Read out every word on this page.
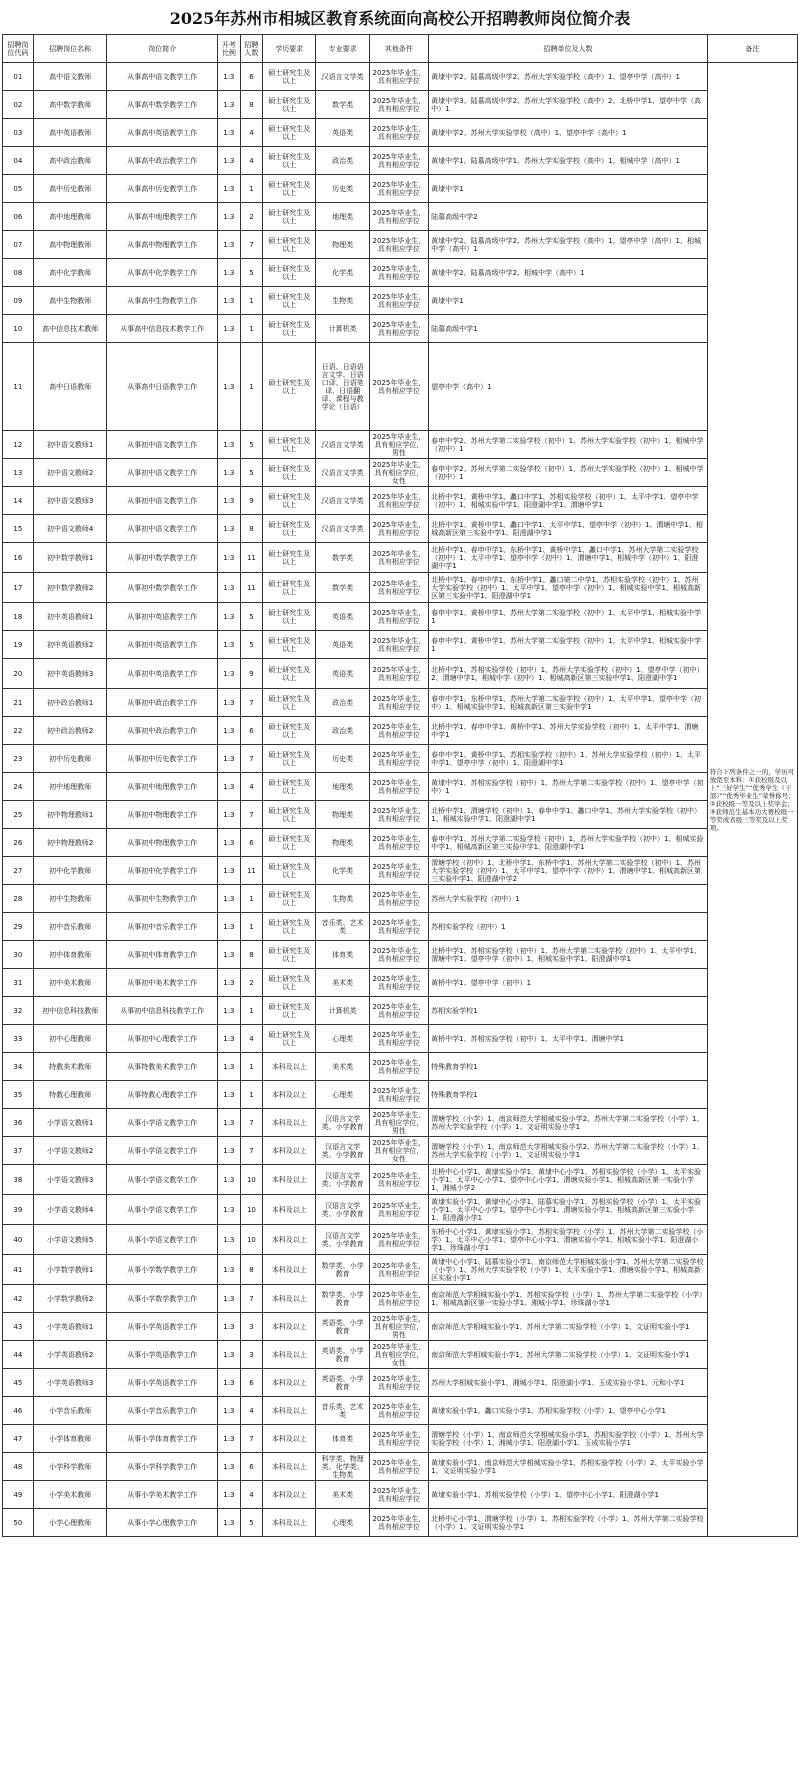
2025年苏州市相城区教育系统面向高校公开招聘教师岗位简介表
招聘岗位代码	招聘岗位名称	岗位简介	开考比例	招聘人数	学历要求	专业要求	其他条件	招聘单位及人数	备注
01	高中语文教师	从事高中语文教学工作	1:3	6	硕士研究生及以上	汉语言文学类	2025年毕业生，具有相应学位	黄埭中学2、陆慕高级中学2、苏州大学实验学校（高中）1、望亭中学（高中）1	符合下列条件之一的，学历可放宽至本科：①获校级及以上“三好学生”“优秀学生（干部）”“优秀毕业生”荣誉称号；②获校级一等及以上奖学金；③获师范生基本功大赛校级一等奖或省级三等奖及以上奖项。
02	高中数学教师	从事高中数学教学工作	1:3	8	硕士研究生及以上	数学类	2025年毕业生，具有相应学位	黄埭中学3、陆慕高级中学2、苏州大学实验学校（高中）2、北桥中学1、望亭中学（高中）1	
03	高中英语教师	从事高中英语教学工作	1:3	4	硕士研究生及以上	英语类	2025年毕业生，具有相应学位	黄埭中学2、苏州大学实验学校（高中）1、望亭中学（高中）1	
04	高中政治教师	从事高中政治教学工作	1:3	4	硕士研究生及以上	政治类	2025年毕业生，具有相应学位	黄埭中学1、陆慕高级中学1、苏州大学实验学校（高中）1、相城中学（高中）1	
05	高中历史教师	从事高中历史教学工作	1:3	1	硕士研究生及以上	历史类	2025年毕业生，具有相应学位	黄埭中学1	
06	高中地理教师	从事高中地理教学工作	1:3	2	硕士研究生及以上	地理类	2025年毕业生，具有相应学位	陆慕高级中学2	
07	高中物理教师	从事高中物理教学工作	1:3	7	硕士研究生及以上	物理类	2025年毕业生，具有相应学位	黄埭中学2、陆慕高级中学2、苏州大学实验学校（高中）1、望亭中学（高中）1、相城中学（高中）1	
08	高中化学教师	从事高中化学教学工作	1:3	5	硕士研究生及以上	化学类	2025年毕业生，具有相应学位	黄埭中学2、陆慕高级中学2、相城中学（高中）1	
09	高中生物教师	从事高中生物教学工作	1:3	1	硕士研究生及以上	生物类	2025年毕业生，具有相应学位	黄埭中学1	
10	高中信息技术教师	从事高中信息技术教学工作	1:3	1	硕士研究生及以上	计算机类	2025年毕业生，具有相应学位	陆慕高级中学1	
11	高中日语教师	从事高中日语教学工作	1:3	1	硕士研究生及以上	日语、日语语言文学、日语口译、日语笔译、日语翻译、课程与教学论（日语）	2025年毕业生，具有相应学位	望亭中学（高中）1	
12	初中语文教师1	从事初中语文教学工作	1:3	5	硕士研究生及以上	汉语言文学类	2025年毕业生，具有相应学位，男性	春申中学2、苏州大学第二实验学校（初中）1、苏州大学实验学校（初中）1、相城中学（初中）1	
13	初中语文教师2	从事初中语文教学工作	1:3	5	硕士研究生及以上	汉语言文学类	2025年毕业生，具有相应学位，女性	春申中学2、苏州大学第二实验学校（初中）1、苏州大学实验学校（初中）1、相城中学（初中）1	
14	初中语文教师3	从事初中语文教学工作	1:3	9	硕士研究生及以上	汉语言文学类	2025年毕业生，具有相应学位	北桥中学1、黄桥中学1、蠡口中学1、苏相实验学校（初中）1、太平中学1、望亭中学（初中）1、相城实验中学1、阳澄湖中学1、渭塘中学1	
15	初中语文教师4	从事初中语文教学工作	1:3	8	硕士研究生及以上	汉语言文学类	2025年毕业生，具有相应学位	北桥中学1、黄桥中学1、蠡口中学1、太平中学1、望亭中学（初中）1、渭塘中学1、相城高新区第三实验中学1、阳澄湖中学1	
16	初中数学教师1	从事初中数学教学工作	1:3	11	硕士研究生及以上	数学类	2025年毕业生，具有相应学位	北桥中学1、春申中学1、东桥中学1、黄桥中学1、蠡口中学1、苏州大学第二实验学校（初中）1、太平中学1、望亭中学（初中）1、渭塘中学1、相城中学（初中）1、阳澄湖中学1	
17	初中数学教师2	从事初中数学教学工作	1:3	11	硕士研究生及以上	数学类	2025年毕业生，具有相应学位	北桥中学1、春申中学1、东桥中学1、蠡口第二中学1、苏相实验学校（初中）1、苏州大学实验学校（初中）1、太平中学1、望亭中学（初中）1、相城实验中学1、相城高新区第三实验中学1、阳澄湖中学1	
18	初中英语教师1	从事初中英语教学工作	1:3	5	硕士研究生及以上	英语类	2025年毕业生，具有相应学位	春申中学1、黄桥中学1、苏州大学第二实验学校（初中）1、太平中学1、相城实验中学1	
19	初中英语教师2	从事初中英语教学工作	1:3	5	硕士研究生及以上	英语类	2025年毕业生，具有相应学位	春申中学1、黄桥中学1、苏州大学第二实验学校（初中）1、太平中学1、相城实验中学1	
20	初中英语教师3	从事初中英语教学工作	1:3	9	硕士研究生及以上	英语类	2025年毕业生，具有相应学位	北桥中学1、苏相实验学校（初中）1、苏州大学实验学校（初中）1、望亭中学（初中）2、渭塘中学1、相城中学（初中）1、相城高新区第三实验中学1、阳澄湖中学1	
21	初中政治教师1	从事初中政治教学工作	1:3	7	硕士研究生及以上	政治类	2025年毕业生，具有相应学位	春申中学1、东桥中学1、苏州大学第二实验学校（初中）1、太平中学1、望亭中学（初中）1、相城实验中学1、相城高新区第三实验中学1	
22	初中政治教师2	从事初中政治教学工作	1:3	6	硕士研究生及以上	政治类	2025年毕业生，具有相应学位	北桥中学1、春申中学1、黄桥中学1、苏州大学实验学校（初中）1、太平中学1、渭塘中学1	
23	初中历史教师	从事初中历史教学工作	1:3	7	硕士研究生及以上	历史类	2025年毕业生，具有相应学位	春申中学1、黄桥中学1、苏相实验学校（初中）1、苏州大学实验学校（初中）1、太平中学1、望亭中学（初中）1、阳澄湖中学1	
24	初中地理教师	从事初中地理教学工作	1:3	4	硕士研究生及以上	地理类	2025年毕业生，具有相应学位	黄埭中学1、苏相实验学校（初中）1、苏州大学第二实验学校（初中）1、望亭中学（初中）1	
25	初中物理教师1	从事初中物理教学工作	1:3	7	硕士研究生及以上	物理类	2025年毕业生，具有相应学位	北桥中学1、渭塘学校（初中）1、春申中学1、蠡口中学1、苏州大学实验学校（初中）1、相城实验中学1、阳澄湖中学1	
26	初中物理教师2	从事初中物理教学工作	1:3	6	硕士研究生及以上	物理类	2025年毕业生，具有相应学位	春申中学1、苏州大学第二实验学校（初中）1、苏州大学实验学校（初中）1、相城实验中学1、相城高新区第三实验中学1、阳澄湖中学1	
27	初中化学教师	从事初中化学教学工作	1:3	11	硕士研究生及以上	化学类	2025年毕业生，具有相应学位	渭塘学校（初中）1、北桥中学1、东桥中学1、苏州大学第二实验学校（初中）1、苏州大学实验学校（初中）1、太平中学1、望亭中学（初中）1、渭塘中学1、相城高新区第三实验中学1、阳澄湖中学2	
28	初中生物教师	从事初中生物教学工作	1:3	1	硕士研究生及以上	生物类	2025年毕业生，具有相应学位	苏州大学实验学校（初中）1	
29	初中音乐教师	从事初中音乐教学工作	1:3	1	硕士研究生及以上	音乐类、艺术类	2025年毕业生，具有相应学位	苏相实验学校（初中）1	
30	初中体育教师	从事初中体育教学工作	1:3	8	硕士研究生及以上	体育类	2025年毕业生，具有相应学位	北桥中学1、苏相实验学校（初中）1、苏州大学第二实验学校（初中）1、太平中学1、渭塘中学1、望亭中学（初中）1、相城实验中学1、阳澄湖中学1	
31	初中美术教师	从事初中美术教学工作	1:3	2	硕士研究生及以上	美术类	2025年毕业生，具有相应学位	黄桥中学1、望亭中学（初中）1	
32	初中信息科技教师	从事初中信息科技教学工作	1:3	1	硕士研究生及以上	计算机类	2025年毕业生，具有相应学位	苏相实验学校1	
33	初中心理教师	从事初中心理教学工作	1:3	4	硕士研究生及以上	心理类	2025年毕业生，具有相应学位	黄桥中学1、苏相实验学校（初中）1、太平中学1、渭塘中学1	
34	特教美术教师	从事特教美术教学工作	1:3	1	本科及以上	美术类	2025年毕业生，具有相应学位	特殊教育学校1	
35	特教心理教师	从事特教心理教学工作	1:3	1	本科及以上	心理类	2025年毕业生，具有相应学位	特殊教育学校1	
36	小学语文教师1	从事小学语文教学工作	1:3	7	本科及以上	汉语言文学类、小学教育	2025年毕业生，具有相应学位，男性	渭塘学校（小学）1、南京师范大学相城实验小学2、苏州大学第二实验学校（小学）1、苏州大学实验学校（小学）1、文证明实验小学1	
37	小学语文教师2	从事小学语文教学工作	1:3	7	本科及以上	汉语言文学类、小学教育	2025年毕业生，具有相应学位，女性	渭塘学校（小学）1、南京师范大学相城实验小学2、苏州大学第二实验学校（小学）1、苏州大学实验学校（小学）1、文证明实验小学1	
38	小学语文教师3	从事小学语文教学工作	1:3	10	本科及以上	汉语言文学类、小学教育	2025年毕业生，具有相应学位	北桥中心小学1、黄埭实验小学1、黄埭中心小学1、苏相实验学校（小学）1、太平实验小学1、太平中心小学1、望亭中心小学1、渭塘实验小学1、相城高新区第一实验小学1、湘城小学2	
39	小学语文教师4	从事小学语文教学工作	1:3	10	本科及以上	汉语言文学类、小学教育	2025年毕业生，具有相应学位	黄埭实验小学1、黄埭中心小学1、陆慕实验小学1、苏相实验学校（小学）1、太平实验小学1、太平中心小学1、望亭中心小学1、渭塘实验小学1、相城高新区第三实验小学1、阳澄湖小学1	
40	小学语文教师5	从事小学语文教学工作	1:3	10	本科及以上	汉语言文学类、小学教育	2025年毕业生，具有相应学位	东桥中心小学1、黄埭实验小学1、苏相实验学校（小学）1、苏州大学第二实验学校（小学）1、太平中心小学1、望亭中心小学1、渭塘实验小学1、相城实验小学1、阳澄湖小学1、珍珠湖小学1	
41	小学数学教师1	从事小学数学教学工作	1:3	8	本科及以上	数学类、小学教育	2025年毕业生，具有相应学位	黄埭中心小学1、陆慕实验小学1、南京师范大学相城实验小学1、苏州大学第二实验学校（小学）1、苏州大学实验学校（小学）1、太平实验小学1、渭塘实验小学1、相城高新区实验小学1	
42	小学数学教师2	从事小学数学教学工作	1:3	7	本科及以上	数学类、小学教育	2025年毕业生，具有相应学位	南京师范大学相城实验小学1、苏相实验学校（小学）1、苏州大学第二实验学校（小学）1、相城高新区第一实验小学1、湘城小学1、珍珠湖小学1	
43	小学英语教师1	从事小学英语教学工作	1:3	3	本科及以上	英语类、小学教育	2025年毕业生，具有相应学位，男性	南京师范大学相城实验小学1、苏州大学第二实验学校（小学）1、文证明实验小学1	
44	小学英语教师2	从事小学英语教学工作	1:3	3	本科及以上	英语类、小学教育	2025年毕业生，具有相应学位，女性	南京师范大学相城实验小学1、苏州大学第二实验学校（小学）1、文证明实验小学1	
45	小学英语教师3	从事小学英语教学工作	1:3	6	本科及以上	英语类、小学教育	2025年毕业生，具有相应学位	苏州大学相城实验小学1、湘城小学1、阳澄湖小学1、玉成实验小学1、元和小学1	
46	小学音乐教师	从事小学音乐教学工作	1:3	4	本科及以上	音乐类、艺术类	2025年毕业生，具有相应学位	黄埭实验小学1、蠡口实验小学1、苏相实验学校（小学）1、望亭中心小学1	
47	小学体育教师	从事小学体育教学工作	1:3	7	本科及以上	体育类	2025年毕业生，具有相应学位	渭塘学校（小学）1、南京师范大学相城实验小学1、苏相实验学校（小学）1、苏州大学实验学校（小学）1、湘城小学1、阳澄湖小学1、玉成实验小学1	
48	小学科学教师	从事小学科学教学工作	1:3	6	本科及以上	科学类、物理类、化学类、生物类	2025年毕业生，具有相应学位	黄埭实验小学1、南京师范大学相城实验小学1、苏相实验学校（小学）2、太平实验小学1、文证明实验小学1	
49	小学美术教师	从事小学美术教学工作	1:3	4	本科及以上	美术类	2025年毕业生，具有相应学位	黄埭实验小学1、苏相实验学校（小学）1、望亭中心小学1、阳澄湖小学1	
50	小学心理教师	从事小学心理教学工作	1:3	5	本科及以上	心理类	2025年毕业生，具有相应学位	北桥中心小学1、渭塘学校（小学）1、苏相实验学校（小学）1、苏州大学第二实验学校（小学）1、文证明实验小学1	
